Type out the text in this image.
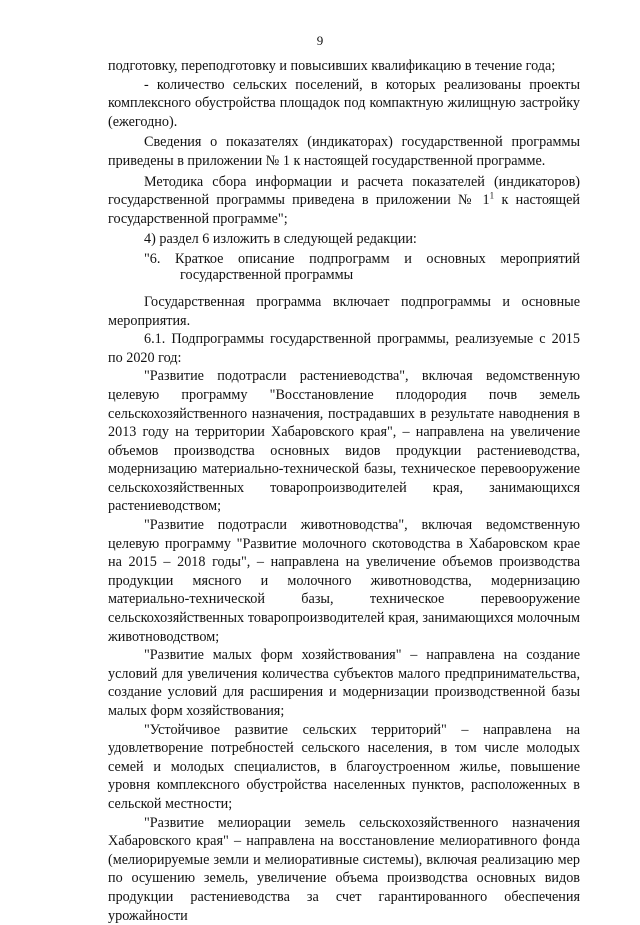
9

подготовку, переподготовку и повысивших квалификацию в течение года;

- количество сельских поселений, в которых реализованы проекты комплексного обустройства площадок под компактную жилищную застройку (ежегодно).

Сведения о показателях (индикаторах) государственной программы приведены в приложении № 1 к настоящей государственной программе.

Методика сбора информации и расчета показателей (индикаторов) государственной программы приведена в приложении № $1^1$ к настоящей государственной программе";

4) раздел 6 изложить в следующей редакции:

"6. Краткое описание подпрограмм и основных мероприятий государственной программы

Государственная программа включает подпрограммы и основные мероприятия.

6.1. Подпрограммы государственной программы, реализуемые с 2015 по 2020 год:

"Развитие подотрасли растениеводства", включая ведомственную целевую программу "Восстановление плодородия почв земель сельскохозяйственного назначения, пострадавших в результате наводнения в 2013 году на территории Хабаровского края", – направлена на увеличение объемов производства основных видов продукции растениеводства, модернизацию материально-технической базы, техническое перевооружение сельскохозяйственных товаропроизводителей края, занимающихся растениеводством;

"Развитие подотрасли животноводства", включая ведомственную целевую программу "Развитие молочного скотоводства в Хабаровском крае на 2015 – 2018 годы", – направлена на увеличение объемов производства продукции мясного и молочного животноводства, модернизацию материально-технической базы, техническое перевооружение сельскохозяйственных товаропроизводителей края, занимающихся молочным животноводством;

"Развитие малых форм хозяйствования" – направлена на создание условий для увеличения количества субъектов малого предпринимательства, создание условий для расширения и модернизации производственной базы малых форм хозяйствования;

"Устойчивое развитие сельских территорий" – направлена на удовлетворение потребностей сельского населения, в том числе молодых семей и молодых специалистов, в благоустроенном жилье, повышение уровня комплексного обустройства населенных пунктов, расположенных в сельской местности;

"Развитие мелиорации земель сельскохозяйственного назначения Хабаровского края" – направлена на восстановление мелиоративного фонда (мелиорируемые земли и мелиоративные системы), включая реализацию мер по осушению земель, увеличение объема производства основных видов продукции растениеводства за счет гарантированного обеспечения урожайности
